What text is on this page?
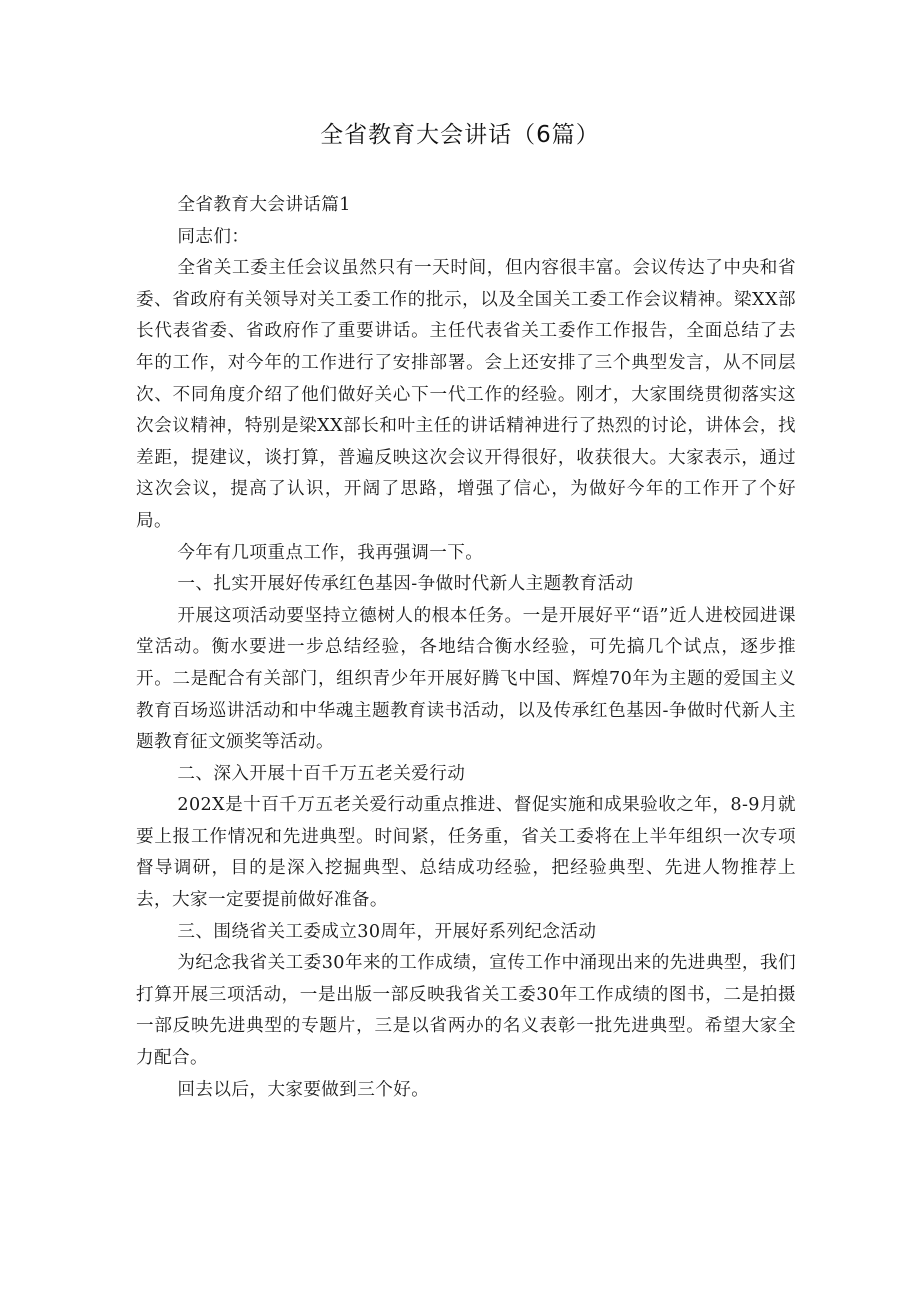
全省教育大会讲话（6篇）

全省教育大会讲话篇1

同志们：

全省关工委主任会议虽然只有一天时间，但内容很丰富。会议传达了中央和省委、省政府有关领导对关工委工作的批示，以及全国关工委工作会议精神。梁XX部长代表省委、省政府作了重要讲话。主任代表省关工委作工作报告，全面总结了去年的工作，对今年的工作进行了安排部署。会上还安排了三个典型发言，从不同层次、不同角度介绍了他们做好关心下一代工作的经验。刚才，大家围绕贯彻落实这次会议精神，特别是梁XX部长和叶主任的讲话精神进行了热烈的讨论，讲体会，找差距，提建议，谈打算，普遍反映这次会议开得很好，收获很大。大家表示，通过这次会议，提高了认识，开阔了思路，增强了信心，为做好今年的工作开了个好局。

今年有几项重点工作，我再强调一下。

一、扎实开展好传承红色基因-争做时代新人主题教育活动

开展这项活动要坚持立德树人的根本任务。一是开展好平“语”近人进校园进课堂活动。衡水要进一步总结经验，各地结合衡水经验，可先搞几个试点，逐步推开。二是配合有关部门，组织青少年开展好腾飞中国、辉煌70年为主题的爱国主义教育百场巡讲活动和中华魂主题教育读书活动，以及传承红色基因-争做时代新人主题教育征文颁奖等活动。

二、深入开展十百千万五老关爱行动

202X是十百千万五老关爱行动重点推进、督促实施和成果验收之年，8-9月就要上报工作情况和先进典型。时间紧，任务重，省关工委将在上半年组织一次专项督导调研，目的是深入挖掘典型、总结成功经验，把经验典型、先进人物推荐上去，大家一定要提前做好准备。

三、围绕省关工委成立30周年，开展好系列纪念活动

为纪念我省关工委30年来的工作成绩，宣传工作中涌现出来的先进典型，我们打算开展三项活动，一是出版一部反映我省关工委30年工作成绩的图书，二是拍摄一部反映先进典型的专题片，三是以省两办的名义表彰一批先进典型。希望大家全力配合。

回去以后，大家要做到三个好。
